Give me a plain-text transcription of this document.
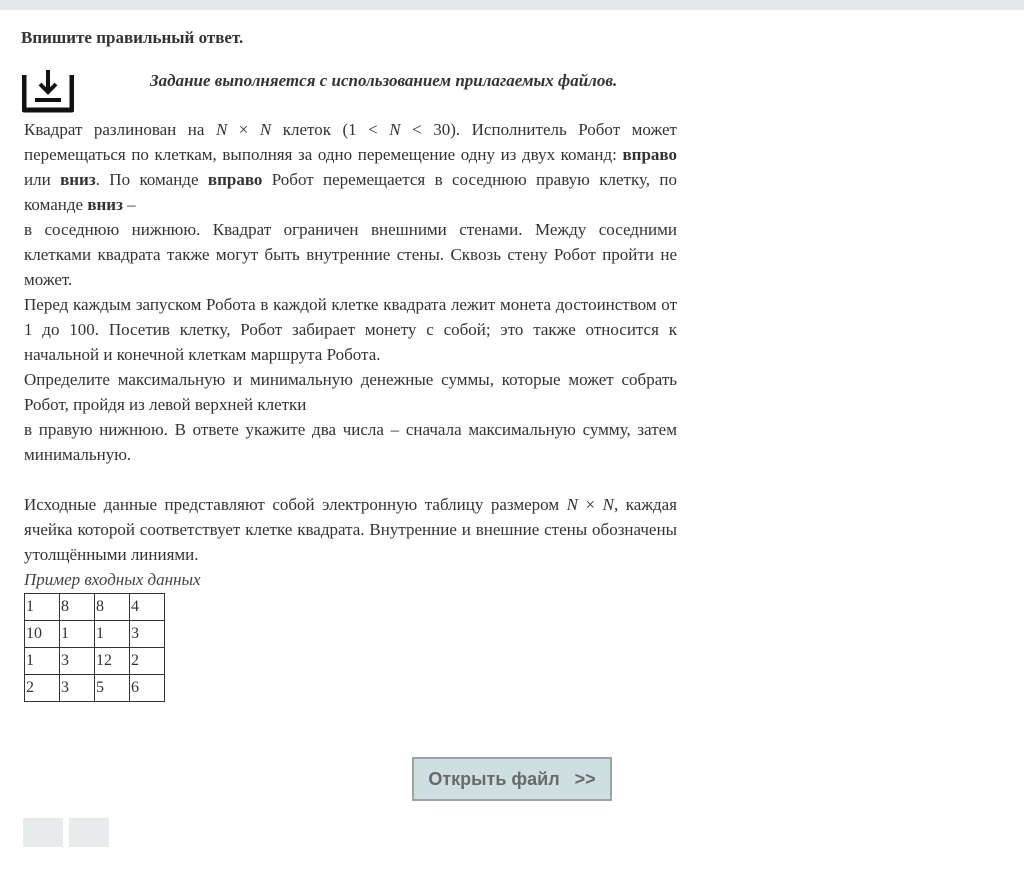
Впишите правильный ответ.

Задание выполняется с использованием прилагаемых файлов.

Квадрат разлинован на N × N клеток (1 < N < 30). Исполнитель Робот может перемещаться по клеткам, выполняя за одно перемещение одну из двух команд: вправо или вниз. По команде вправо Робот перемещается в соседнюю правую клетку, по команде вниз –

в соседнюю нижнюю. Квадрат ограничен внешними стенами. Между соседними клетками квадрата также могут быть внутренние стены. Сквозь стену Робот пройти не может.

Перед каждым запуском Робота в каждой клетке квадрата лежит монета достоинством от 1 до 100. Посетив клетку, Робот забирает монету с собой; это также относится к начальной и конечной клеткам маршрута Робота.

Определите максимальную и минимальную денежные суммы, которые может собрать Робот, пройдя из левой верхней клетки

в правую нижнюю. В ответе укажите два числа – сначала максимальную сумму, затем минимальную.

Исходные данные представляют собой электронную таблицу размером N × N, каждая ячейка которой соответствует клетке квадрата. Внутренние и внешние стены обозначены утолщёнными линиями.

Пример входных данных

1	8	8	4
10	1	1	3
1	3	12	2
2	3	5	6
Открыть файл   >>
